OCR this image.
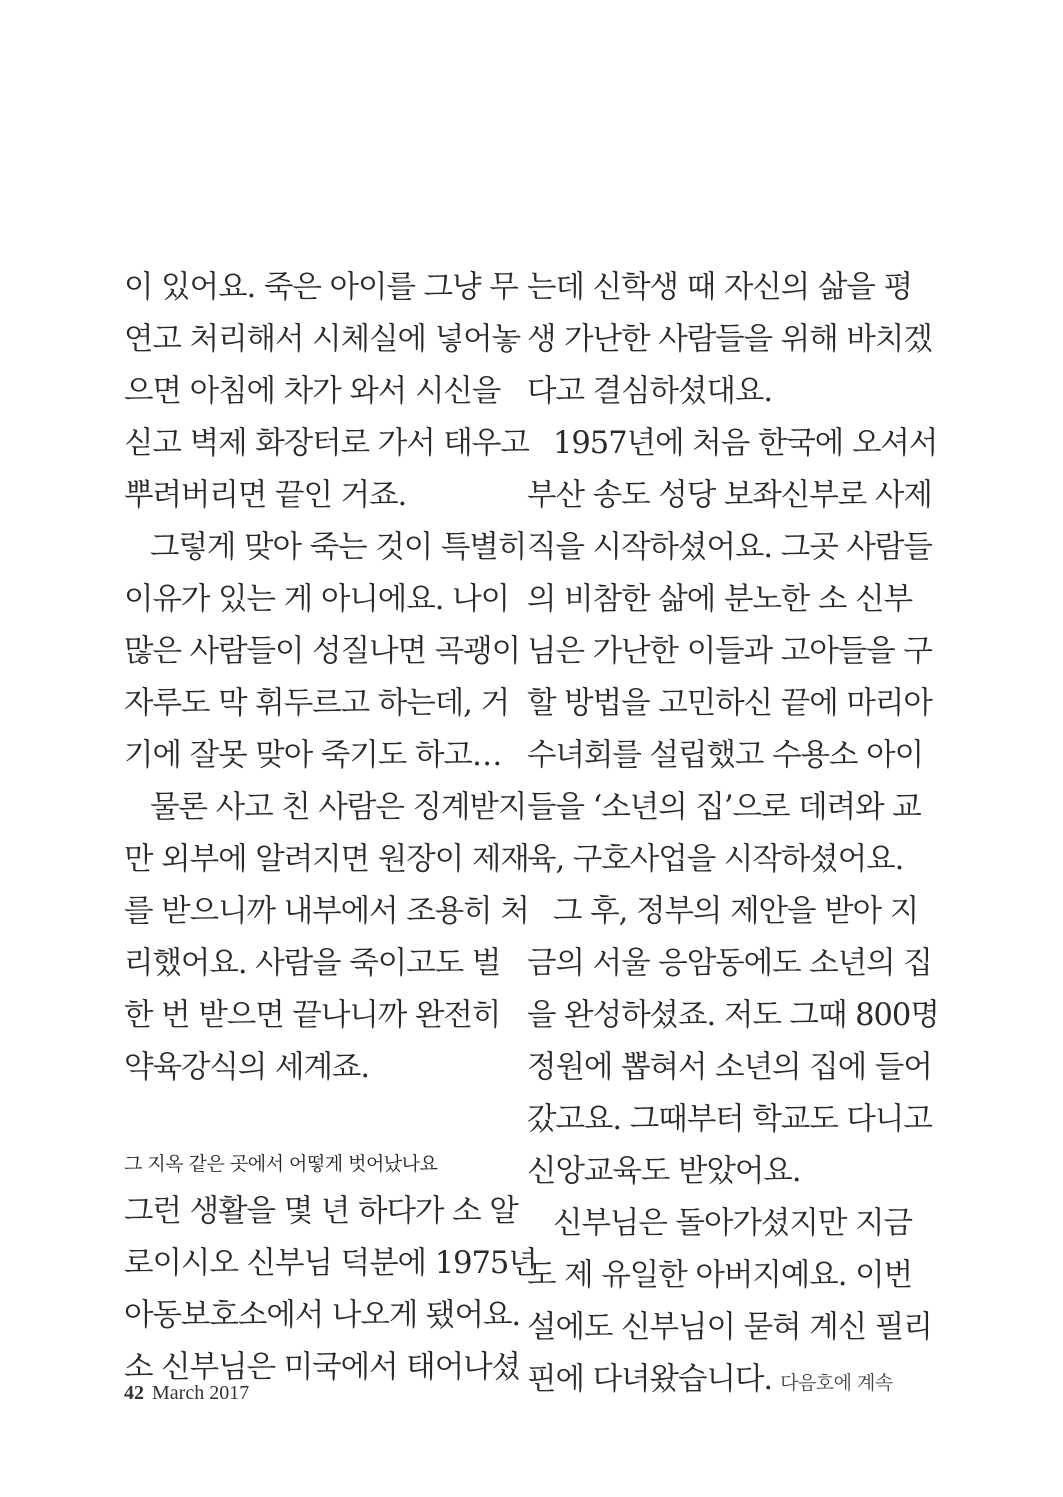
이 있어요. 죽은 아이를 그냥 무
연고 처리해서 시체실에 넣어놓
으면 아침에 차가 와서 시신을
싣고 벽제 화장터로 가서 태우고
뿌려버리면 끝인 거죠.
그렇게 맞아 죽는 것이 특별히
이유가 있는 게 아니에요. 나이
많은 사람들이 성질나면 곡괭이
자루도 막 휘두르고 하는데, 거
기에 잘못 맞아 죽기도 하고…
물론 사고 친 사람은 징계받지
만 외부에 알려지면 원장이 제재
를 받으니까 내부에서 조용히 처
리했어요. 사람을 죽이고도 벌
한 번 받으면 끝나니까 완전히
약육강식의 세계죠.
그 지옥 같은 곳에서 어떻게 벗어났나요
그런 생활을 몇 년 하다가 소 알
로이시오 신부님 덕분에 1975년
아동보호소에서 나오게 됐어요.
소 신부님은 미국에서 태어나셨
는데 신학생 때 자신의 삶을 평
생 가난한 사람들을 위해 바치겠
다고 결심하셨대요.
1957년에 처음 한국에 오셔서
부산 송도 성당 보좌신부로 사제
직을 시작하셨어요. 그곳 사람들
의 비참한 삶에 분노한 소 신부
님은 가난한 이들과 고아들을 구
할 방법을 고민하신 끝에 마리아
수녀회를 설립했고 수용소 아이
들을 ‘소년의 집’으로 데려와 교
육, 구호사업을 시작하셨어요.
그 후, 정부의 제안을 받아 지
금의 서울 응암동에도 소년의 집
을 완성하셨죠. 저도 그때 800명
정원에 뽑혀서 소년의 집에 들어
갔고요. 그때부터 학교도 다니고
신앙교육도 받았어요.
신부님은 돌아가셨지만 지금
도 제 유일한 아버지예요. 이번
설에도 신부님이 묻혀 계신 필리
핀에 다녀왔습니다. 다음호에 계속
42 March 2017
